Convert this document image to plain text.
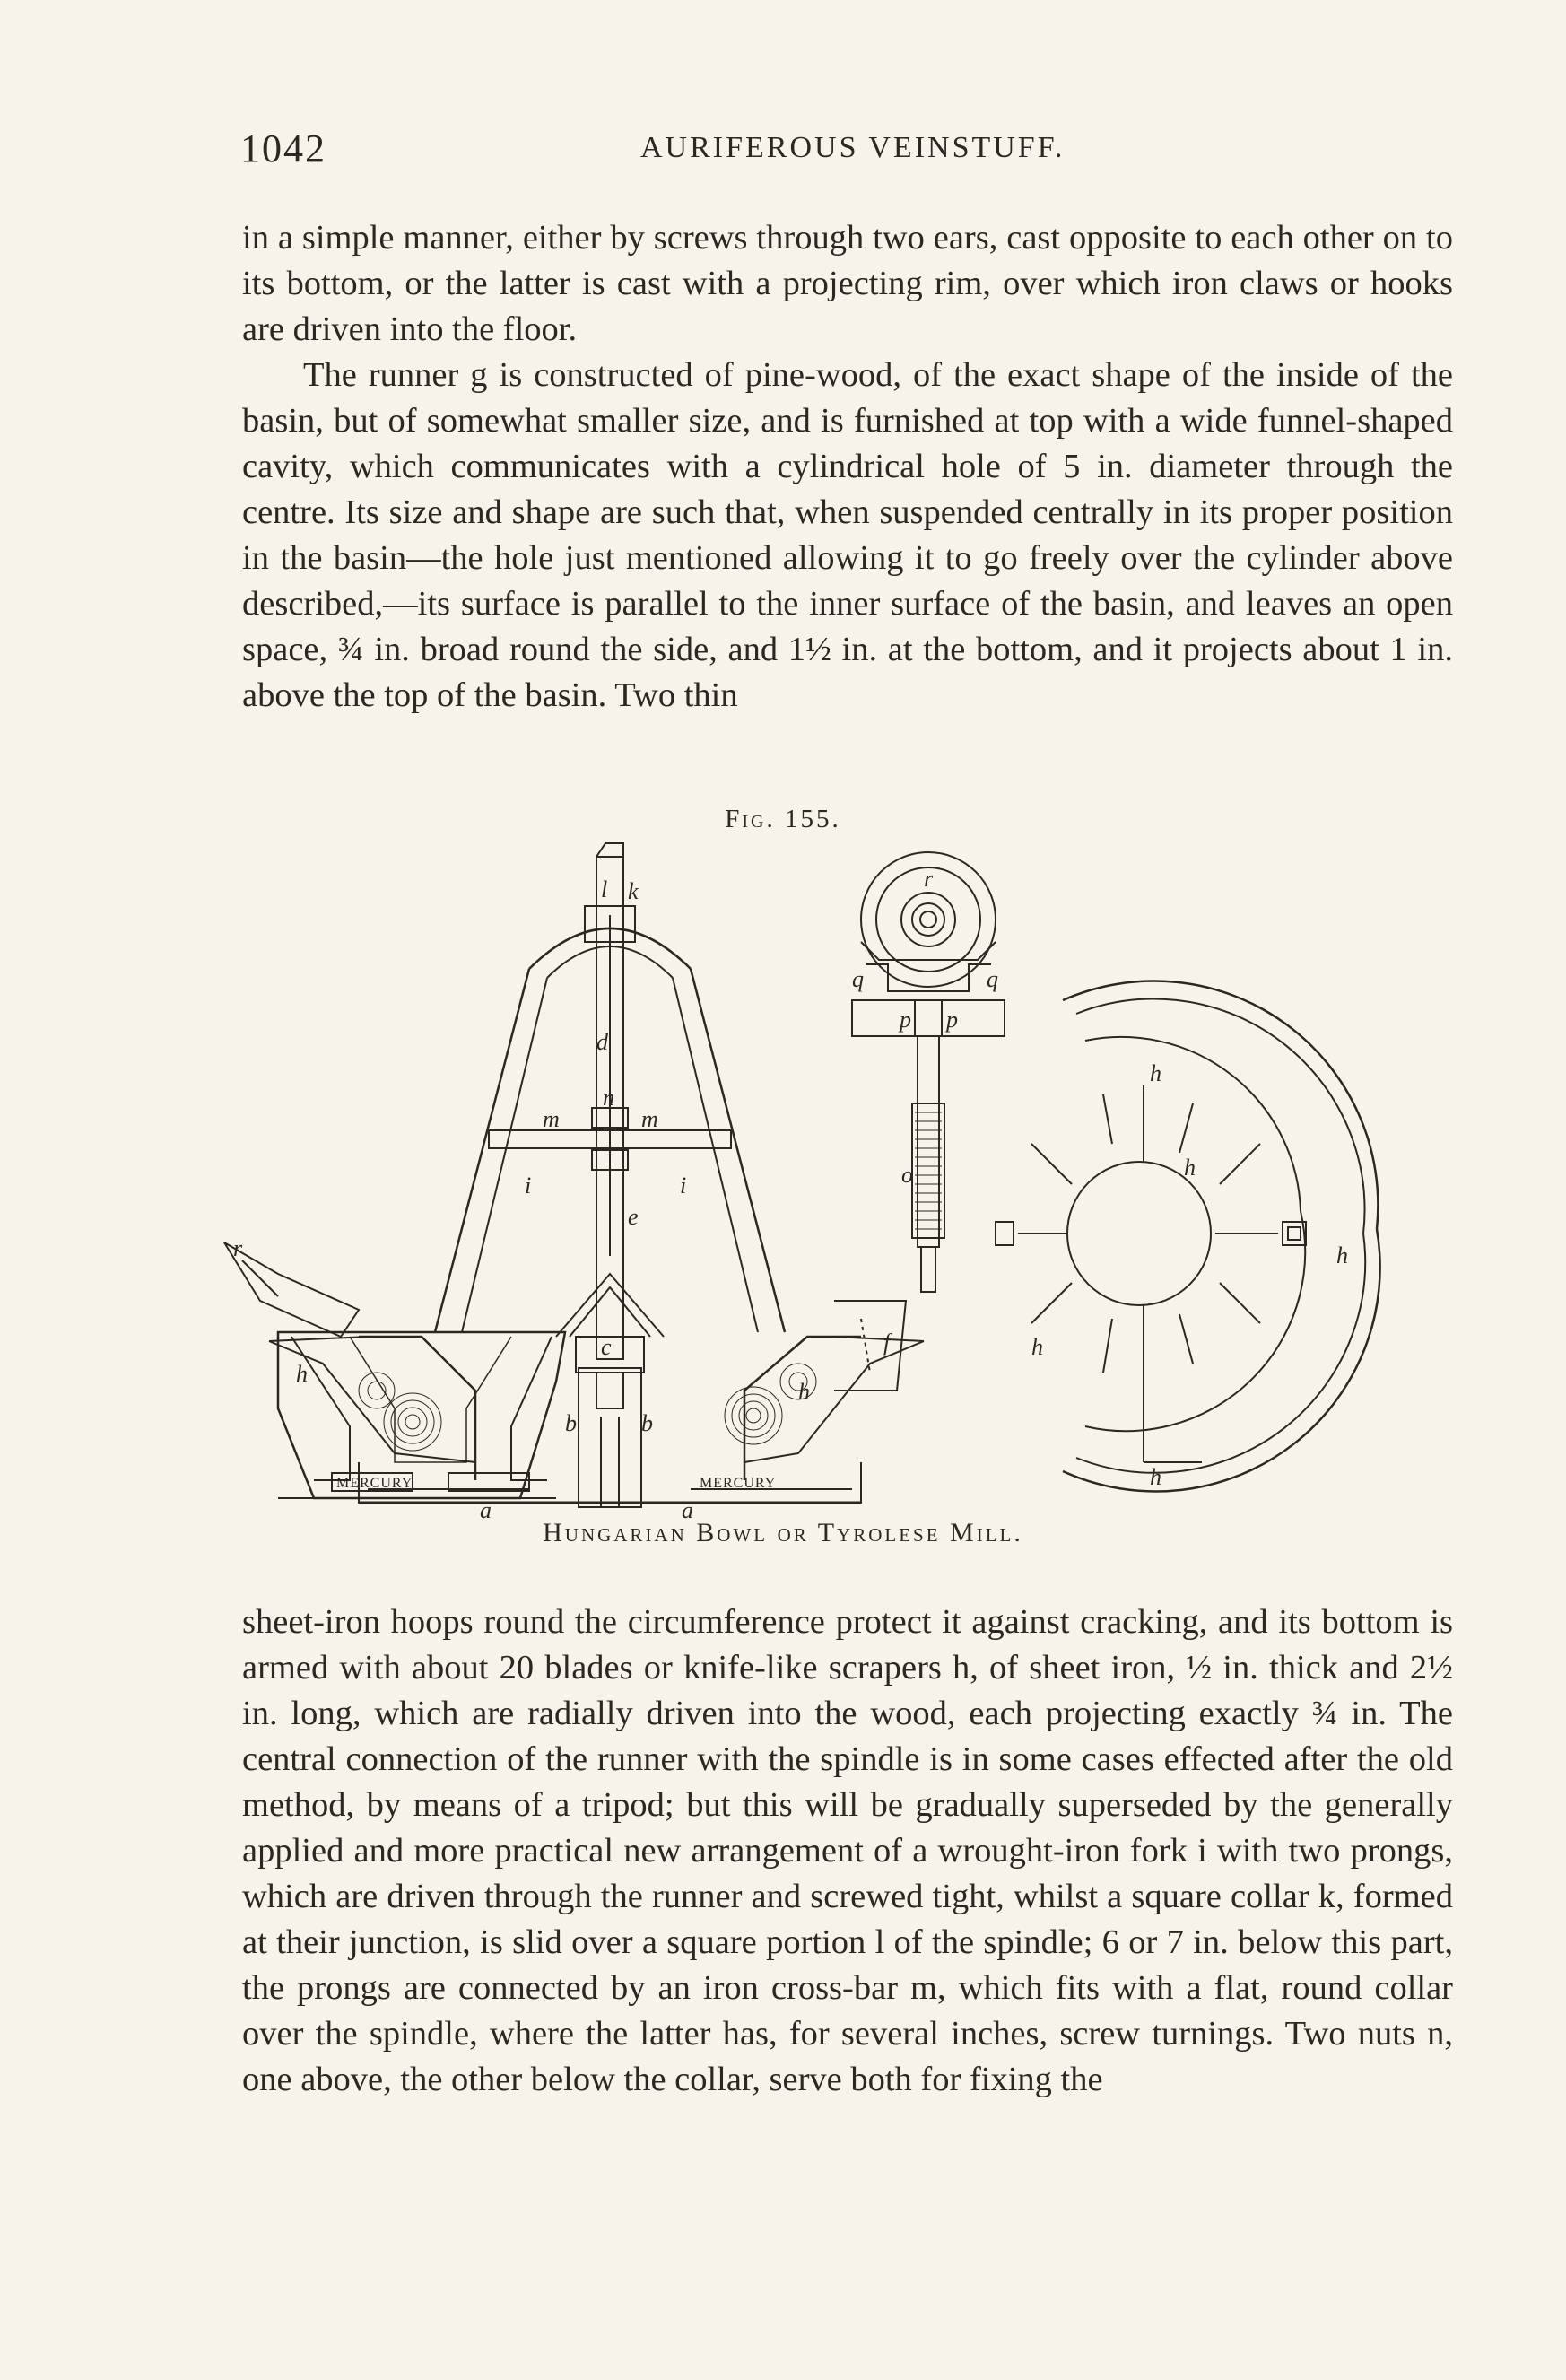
1042	AURIFEROUS VEINSTUFF.

in a simple manner, either by screws through two ears, cast opposite to each other on to its bottom, or the latter is cast with a projecting rim, over which iron claws or hooks are driven into the floor.

The runner g is constructed of pine-wood, of the exact shape of the inside of the basin, but of somewhat smaller size, and is furnished at top with a wide funnel-shaped cavity, which communicates with a cylindrical hole of 5 in. diameter through the centre. Its size and shape are such that, when suspended centrally in its proper position in the basin—the hole just mentioned allowing it to go freely over the cylinder above described,—its surface is parallel to the inner surface of the basin, and leaves an open space, ¾ in. broad round the side, and 1½ in. at the bottom, and it projects about 1 in. above the top of the basin. Two thin

Fig. 155.
k
l
d
n
m	m
i	i
e
c
b	b
a	a
f
h
h
r
r
q	q
p p
o
h
h
h
h
h
MERCURY	MERCURY
Hungarian Bowl or Tyrolese Mill.

sheet-iron hoops round the circumference protect it against cracking, and its bottom is armed with about 20 blades or knife-like scrapers h, of sheet iron, ½ in. thick and 2½ in. long, which are radially driven into the wood, each projecting exactly ¾ in. The central connection of the runner with the spindle is in some cases effected after the old method, by means of a tripod; but this will be gradually superseded by the generally applied and more practical new arrangement of a wrought-iron fork i with two prongs, which are driven through the runner and screwed tight, whilst a square collar k, formed at their junction, is slid over a square portion l of the spindle; 6 or 7 in. below this part, the prongs are connected by an iron cross-bar m, which fits with a flat, round collar over the spindle, where the latter has, for several inches, screw turnings. Two nuts n, one above, the other below the collar, serve both for fixing the
